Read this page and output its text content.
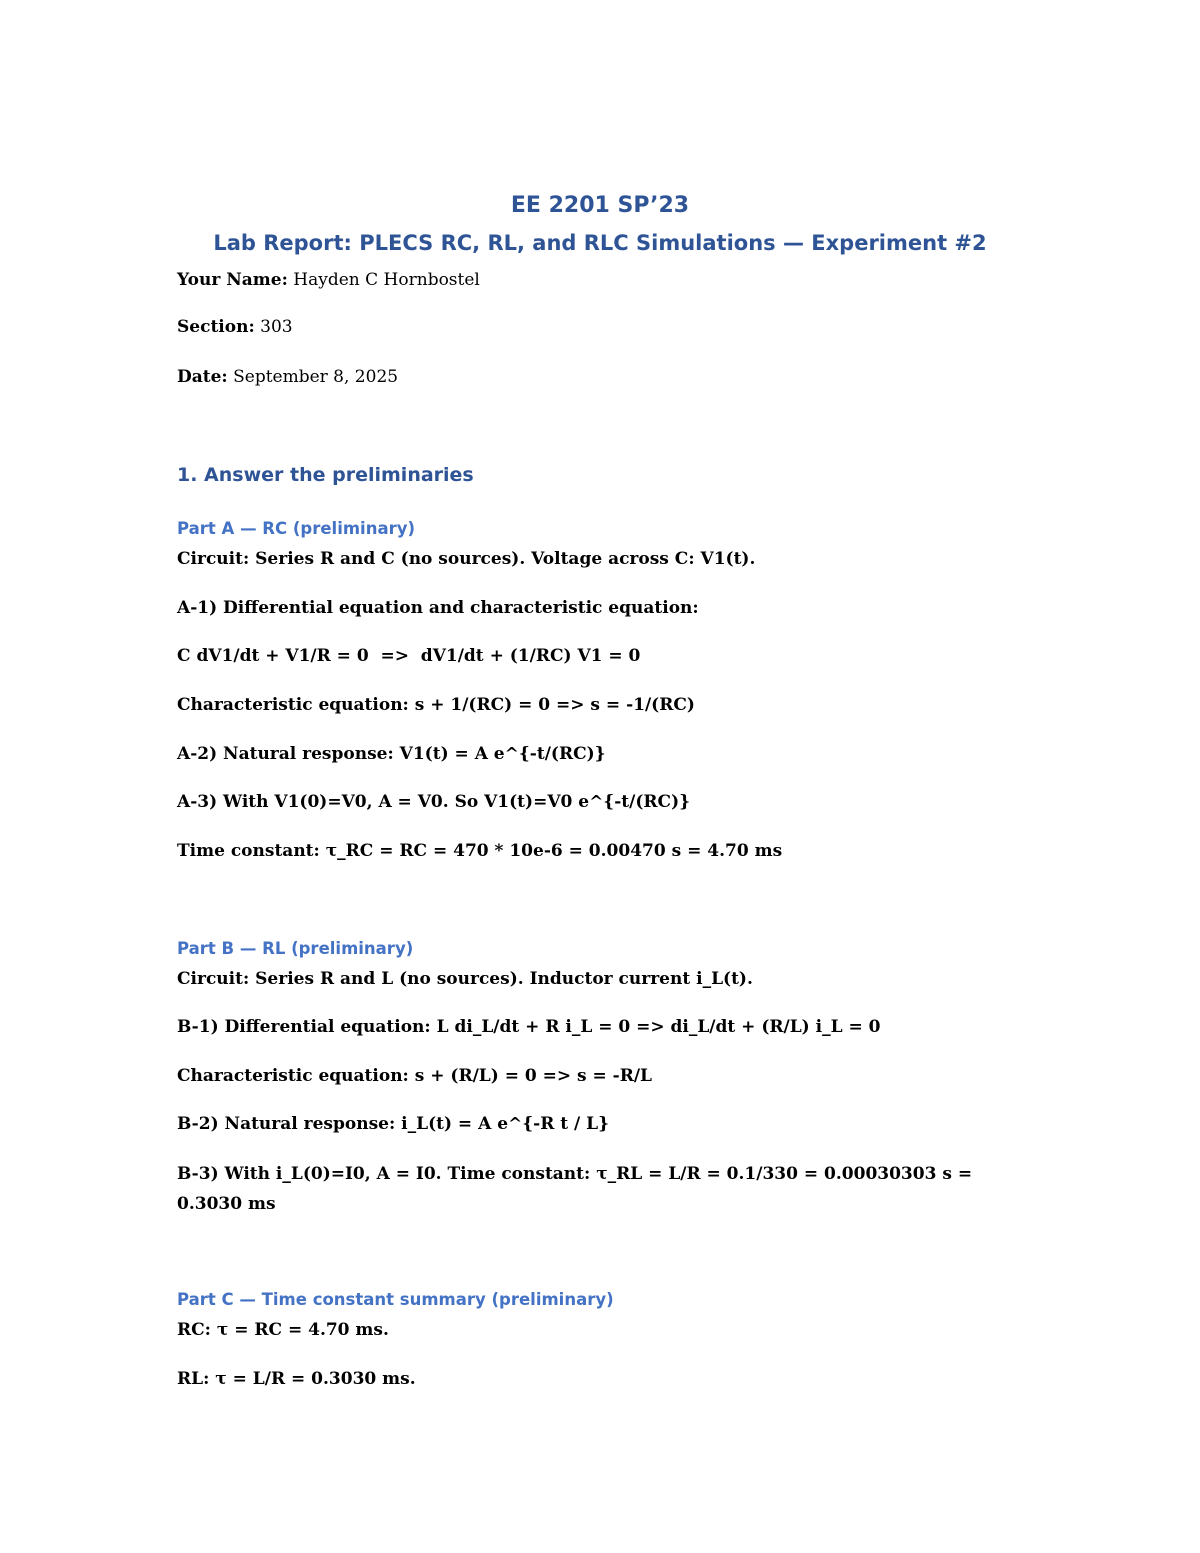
EE 2201 SP’23
Lab Report: PLECS RC, RL, and RLC Simulations — Experiment #2
Your Name: Hayden C Hornbostel
Section: 303
Date: September 8, 2025
1. Answer the preliminaries
Part A — RC (preliminary)
Circuit: Series R and C (no sources). Voltage across C: V1(t).
A-1) Differential equation and characteristic equation:
C dV1/dt + V1/R = 0  =>  dV1/dt + (1/RC) V1 = 0
Characteristic equation: s + 1/(RC) = 0 => s = -1/(RC)
A-2) Natural response: V1(t) = A e^{-t/(RC)}
A-3) With V1(0)=V0, A = V0. So V1(t)=V0 e^{-t/(RC)}
Time constant: τ_RC = RC = 470 * 10e-6 = 0.00470 s = 4.70 ms
Part B — RL (preliminary)
Circuit: Series R and L (no sources). Inductor current i_L(t).
B-1) Differential equation: L di_L/dt + R i_L = 0 => di_L/dt + (R/L) i_L = 0
Characteristic equation: s + (R/L) = 0 => s = -R/L
B-2) Natural response: i_L(t) = A e^{-R t / L}
B-3) With i_L(0)=I0, A = I0. Time constant: τ_RL = L/R = 0.1/330 = 0.00030303 s = 0.3030 ms
Part C — Time constant summary (preliminary)
RC: τ = RC = 4.70 ms.
RL: τ = L/R = 0.3030 ms.
